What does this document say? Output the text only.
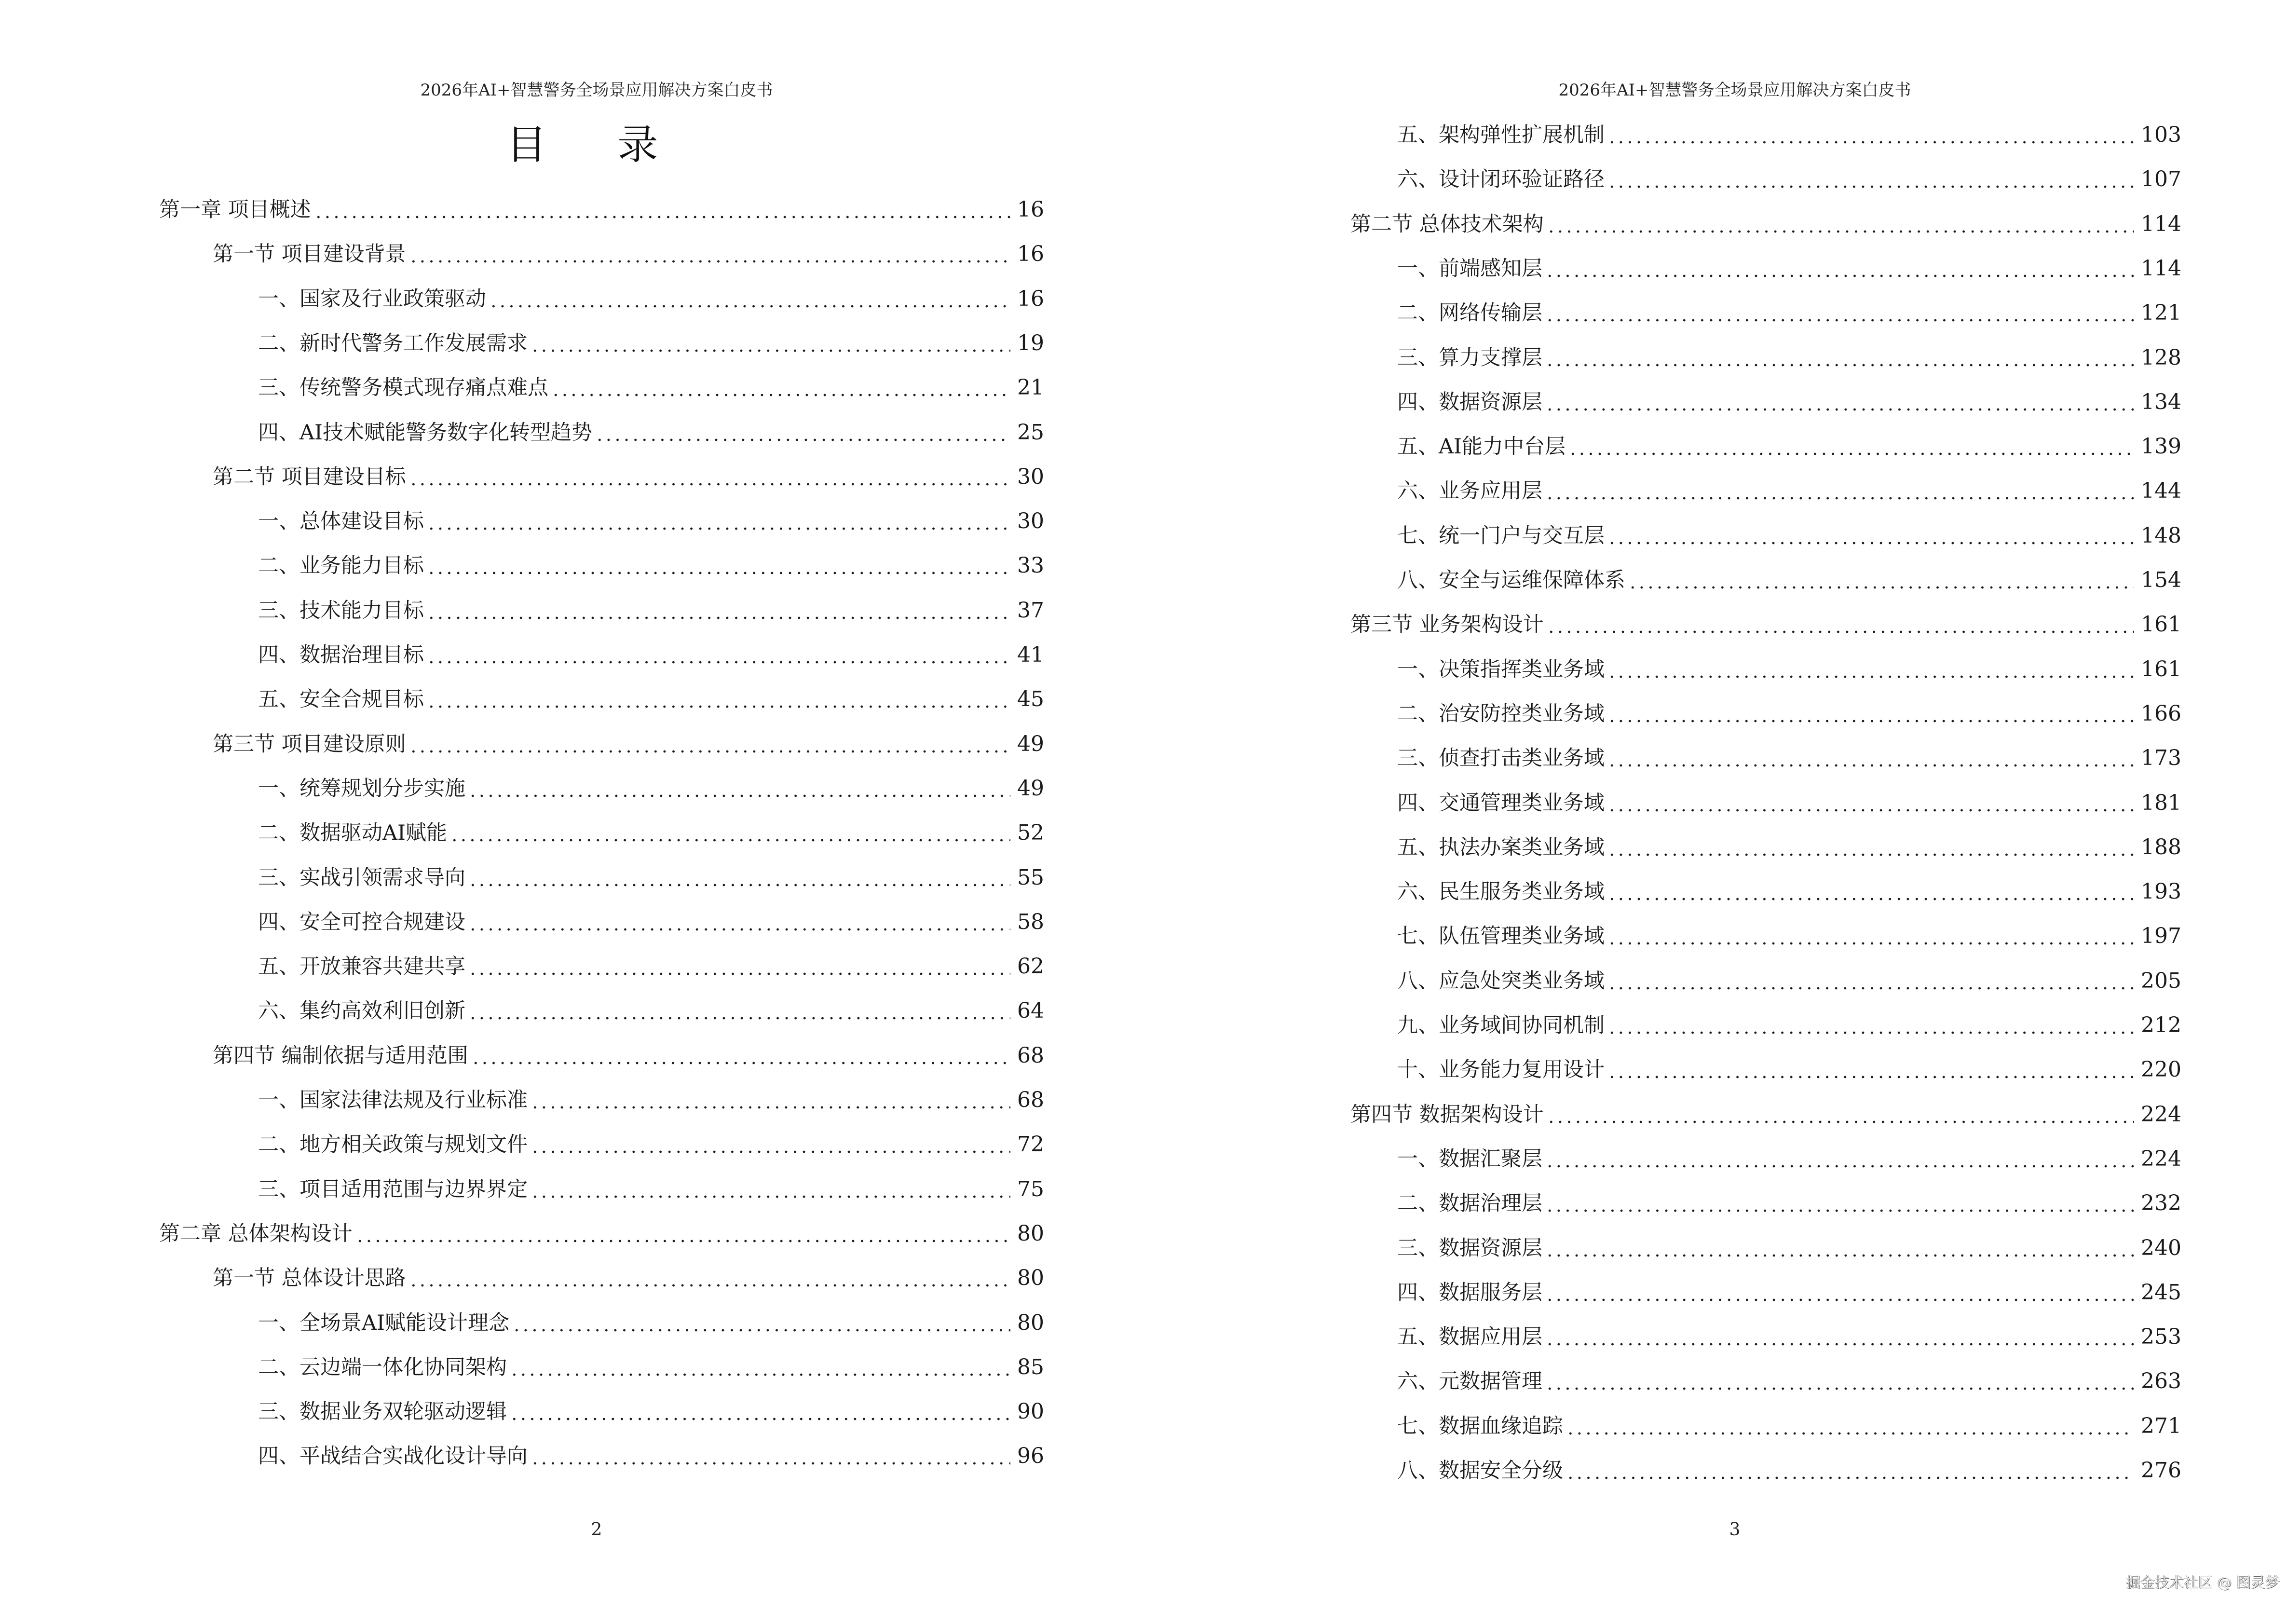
2026年AI+智慧警务全场景应用解决方案白皮书
目 录
第一章 项目概述	16
第一节 项目建设背景	16
一、国家及行业政策驱动	16
二、新时代警务工作发展需求	19
三、传统警务模式现存痛点难点	21
四、AI技术赋能警务数字化转型趋势	25
第二节 项目建设目标	30
一、总体建设目标	30
二、业务能力目标	33
三、技术能力目标	37
四、数据治理目标	41
五、安全合规目标	45
第三节 项目建设原则	49
一、统筹规划分步实施	49
二、数据驱动AI赋能	52
三、实战引领需求导向	55
四、安全可控合规建设	58
五、开放兼容共建共享	62
六、集约高效利旧创新	64
第四节 编制依据与适用范围	68
一、国家法律法规及行业标准	68
二、地方相关政策与规划文件	72
三、项目适用范围与边界界定	75
第二章 总体架构设计	80
第一节 总体设计思路	80
一、全场景AI赋能设计理念	80
二、云边端一体化协同架构	85
三、数据业务双轮驱动逻辑	90
四、平战结合实战化设计导向	96
2
2026年AI+智慧警务全场景应用解决方案白皮书
五、架构弹性扩展机制	103
六、设计闭环验证路径	107
第二节 总体技术架构	114
一、前端感知层	114
二、网络传输层	121
三、算力支撑层	128
四、数据资源层	134
五、AI能力中台层	139
六、业务应用层	144
七、统一门户与交互层	148
八、安全与运维保障体系	154
第三节 业务架构设计	161
一、决策指挥类业务域	161
二、治安防控类业务域	166
三、侦查打击类业务域	173
四、交通管理类业务域	181
五、执法办案类业务域	188
六、民生服务类业务域	193
七、队伍管理类业务域	197
八、应急处突类业务域	205
九、业务域间协同机制	212
十、业务能力复用设计	220
第四节 数据架构设计	224
一、数据汇聚层	224
二、数据治理层	232
三、数据资源层	240
四、数据服务层	245
五、数据应用层	253
六、元数据管理	263
七、数据血缘追踪	271
八、数据安全分级	276
3
掘金技术社区 @ 图灵梦
